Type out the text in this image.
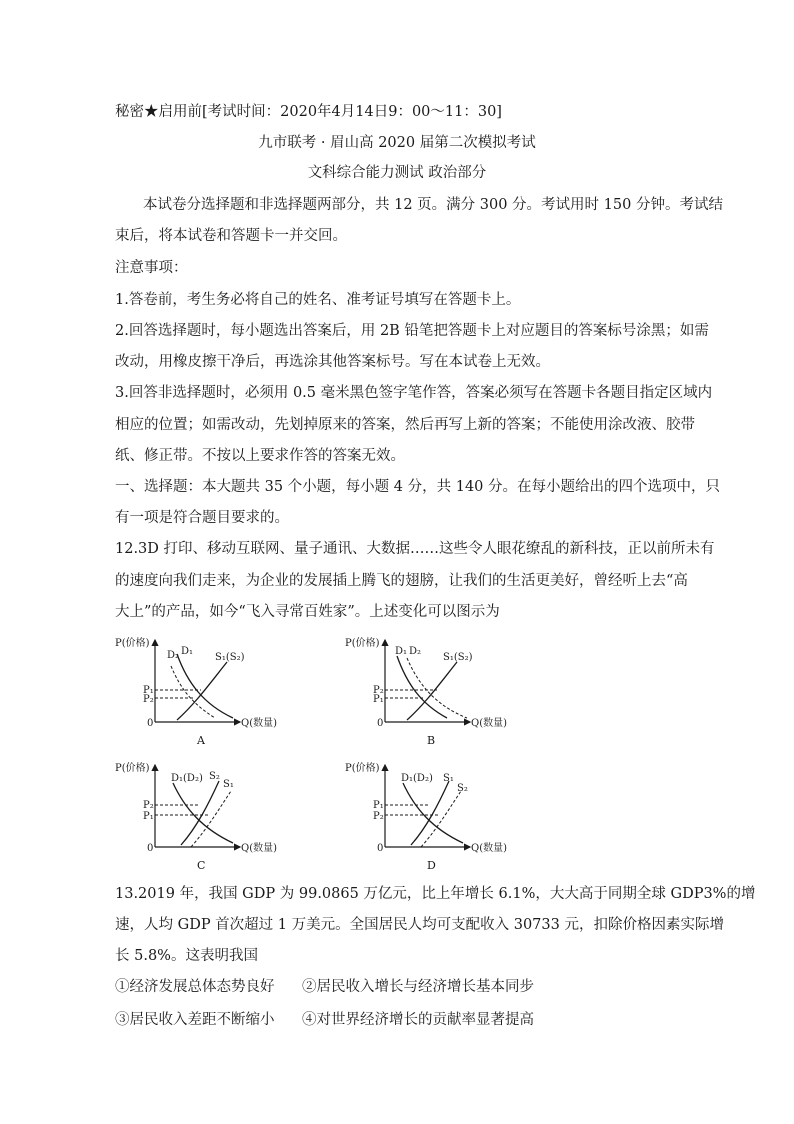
秘密★启用前[考试时间：2020年4月14日9：00～11：30]
九市联考 · 眉山高 2020 届第二次模拟考试
文科综合能力测试 政治部分
本试卷分选择题和非选择题两部分，共 12 页。满分 300 分。考试用时 150 分钟。考试结
束后，将本试卷和答题卡一并交回。
注意事项：
1.答卷前，考生务必将自己的姓名、准考证号填写在答题卡上。
2.回答选择题时，每小题选出答案后，用 2B 铅笔把答题卡上对应题目的答案标号涂黑；如需
改动，用橡皮擦干净后，再选涂其他答案标号。写在本试卷上无效。
3.回答非选择题时，必须用 0.5 毫米黑色签字笔作答，答案必须写在答题卡各题目指定区域内
相应的位置；如需改动，先划掉原来的答案，然后再写上新的答案；不能使用涂改液、胶带
纸、修正带。不按以上要求作答的答案无效。
一、选择题：本大题共 35 个小题，每小题 4 分，共 140 分。在每小题给出的四个选项中，只
有一项是符合题目要求的。
12.3D 打印、移动互联网、量子通讯、大数据……这些令人眼花缭乱的新科技，正以前所未有
的速度向我们走来，为企业的发展插上腾飞的翅膀，让我们的生活更美好，曾经听上去“高
大上”的产品，如今“飞入寻常百姓家”。上述变化可以图示为
P(价格)
Q(数量)
0
D₂ D₁
S₁(S₂)
P₁
P₂
A
P(价格)
Q(数量)
0
D₁ D₂
S₁(S₂)
P₂
P₁
B
P(价格)
Q(数量)
0
D₁(D₂) S₂
S₁
P₂
P₁
C
P(价格)
Q(数量)
0
D₁(D₂) S₁
S₂
P₁
P₂
D
13.2019 年，我国 GDP 为 99.0865 万亿元，比上年增长 6.1%，大大高于同期全球 GDP3%的增
速，人均 GDP 首次超过 1 万美元。全国居民人均可支配收入 30733 元，扣除价格因素实际增
长 5.8%。这表明我国
①经济发展总体态势良好 ②居民收入增长与经济增长基本同步
③居民收入差距不断缩小 ④对世界经济增长的贡献率显著提高
